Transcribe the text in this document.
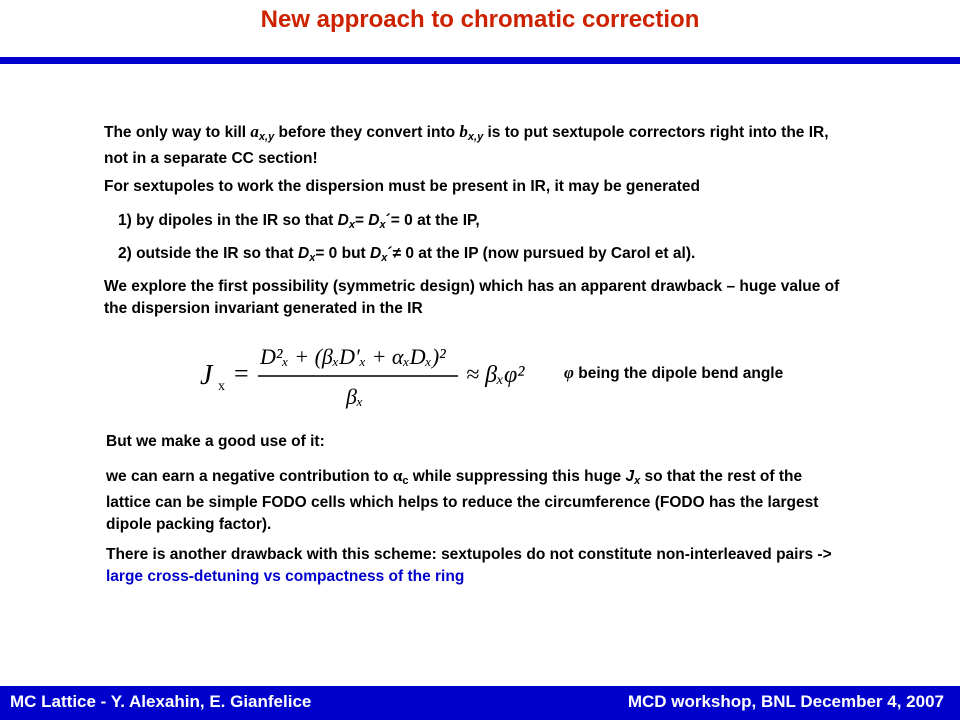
New approach to chromatic correction
The only way to kill $a_{x,y}$ before they convert into $b_{x,y}$ is to put sextupole correctors right into the IR, not in a separate CC section!
For sextupoles to work the dispersion must be present in IR, it may be generated
1) by dipoles in the IR so that $D_x=$ $D_x´= 0$ at the IP,
2) outside the IR so that $D_x= 0$ but $D_x´\ne 0$ at the IP (now pursued by Carol et al).
We explore the first possibility (symmetric design) which has an apparent drawback – huge value of the dispersion invariant generated in the IR
J x =
D²ₓ + (βₓD′ₓ + αₓDₓ)²
βₓ
≈ βₓφ² φ being the dipole bend angle
But we make a good use of it:
we can earn a negative contribution to $\alpha_c$ while suppressing this huge $J_x$ so that the rest of the lattice can be simple FODO cells which helps to reduce the circumference (FODO has the largest dipole packing factor).
There is another drawback with this scheme: sextupoles do not constitute non-interleaved pairs -> large cross-detuning vs compactness of the ring
MC Lattice - Y. Alexahin, E. Gianfelice	MCD workshop, BNL December 4, 2007
